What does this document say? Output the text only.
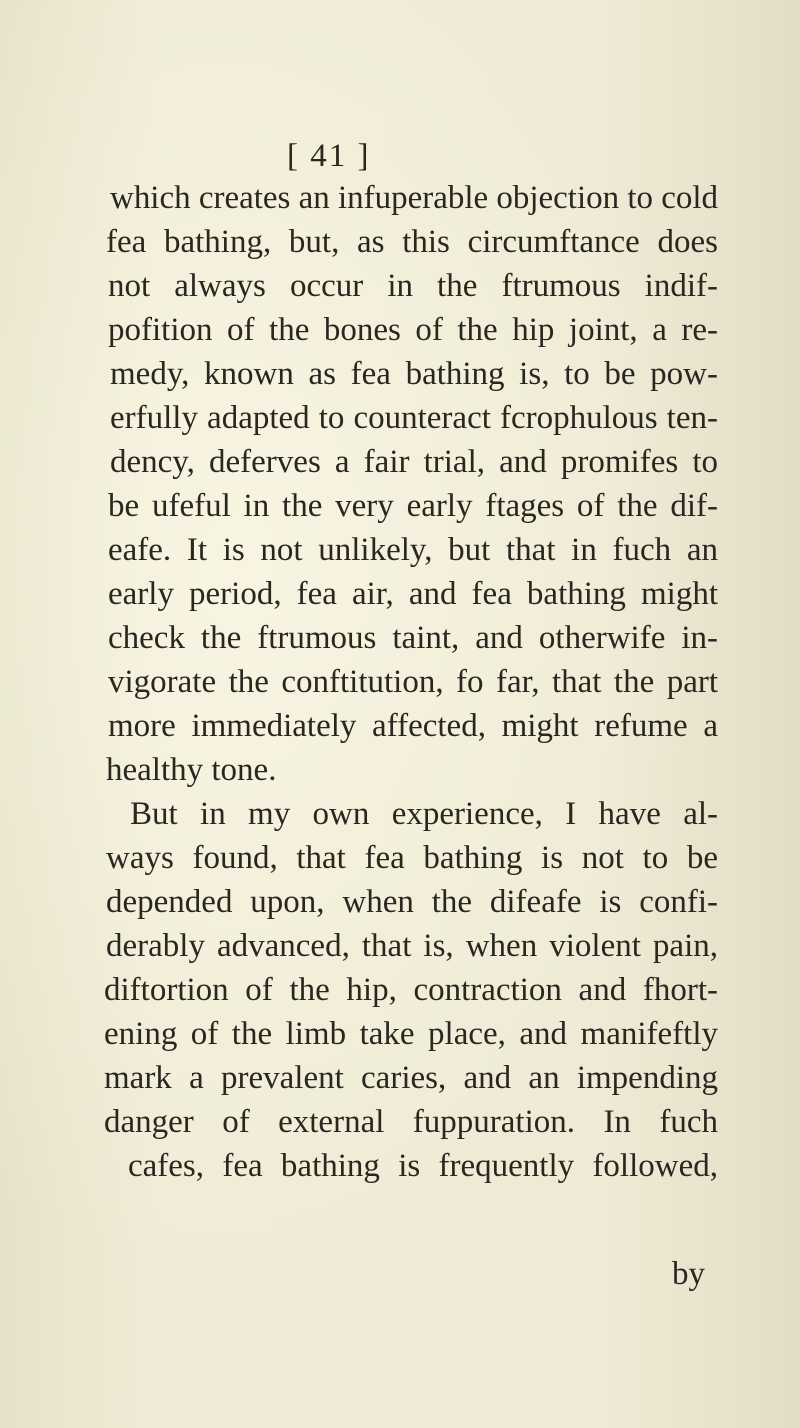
[ 41 ]
which creates an infuperable objection to cold
fea bathing, but, as this circumftance does
not always occur in the ftrumous indif-
pofition of the bones of the hip joint, a re-
medy, known as fea bathing is, to be pow-
erfully adapted to counteract fcrophulous ten-
dency, deferves a fair trial, and promifes to
be ufeful in the very early ftages of the dif-
eafe. It is not unlikely, but that in fuch an
early period, fea air, and fea bathing might
check the ftrumous taint, and otherwife in-
vigorate the conftitution, fo far, that the part
more immediately affected, might refume a
healthy tone.
But in my own experience, I have al-
ways found, that fea bathing is not to be
depended upon, when the difeafe is confi-
derably advanced, that is, when violent pain,
diftortion of the hip, contraction and fhort-
ening of the limb take place, and manifeftly
mark a prevalent caries, and an impending
danger of external fuppuration. In fuch
cafes, fea bathing is frequently followed,
by
